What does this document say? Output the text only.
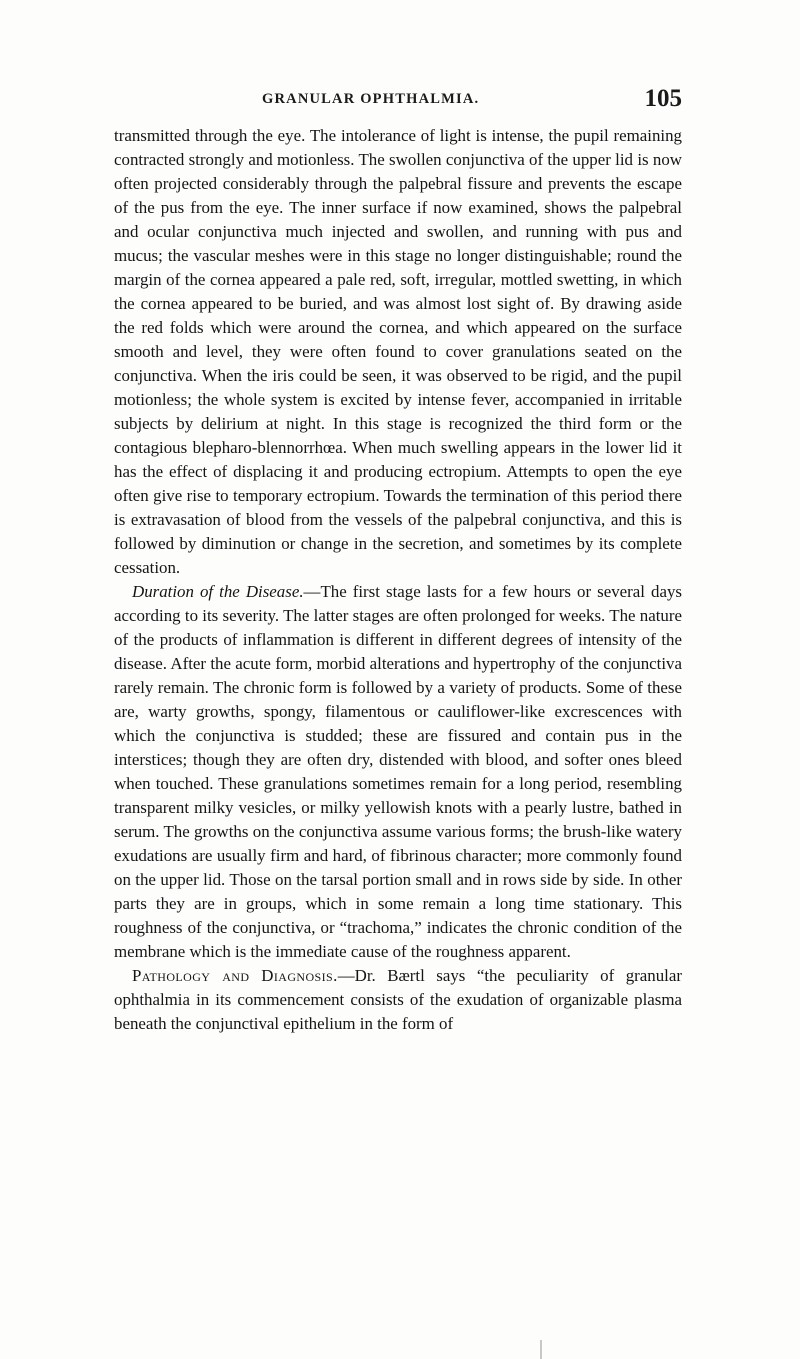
GRANULAR OPHTHALMIA.	105

transmitted through the eye. The intolerance of light is intense, the pupil remaining contracted strongly and motionless. The swollen conjunctiva of the upper lid is now often projected considerably through the palpebral fissure and prevents the escape of the pus from the eye. The inner surface if now examined, shows the palpebral and ocular conjunctiva much injected and swollen, and running with pus and mucus; the vascular meshes were in this stage no longer distinguishable; round the margin of the cornea appeared a pale red, soft, irregular, mottled swetting, in which the cornea appeared to be buried, and was almost lost sight of. By drawing aside the red folds which were around the cornea, and which appeared on the surface smooth and level, they were often found to cover granulations seated on the conjunctiva. When the iris could be seen, it was observed to be rigid, and the pupil motionless; the whole system is excited by intense fever, accompanied in irritable subjects by delirium at night. In this stage is recognized the third form or the contagious blepharo-blennorrhœa. When much swelling appears in the lower lid it has the effect of displacing it and producing ectropium. Attempts to open the eye often give rise to temporary ectropium. Towards the termination of this period there is extravasation of blood from the vessels of the palpebral conjunctiva, and this is followed by diminution or change in the secretion, and sometimes by its complete cessation.

Duration of the Disease.—The first stage lasts for a few hours or several days according to its severity. The latter stages are often prolonged for weeks. The nature of the products of inflammation is different in different degrees of intensity of the disease. After the acute form, morbid alterations and hypertrophy of the conjunctiva rarely remain. The chronic form is followed by a variety of products. Some of these are, warty growths, spongy, filamentous or cauliflower-like excrescences with which the conjunctiva is studded; these are fissured and contain pus in the interstices; though they are often dry, distended with blood, and softer ones bleed when touched. These granulations sometimes remain for a long period, resembling transparent milky vesicles, or milky yellowish knots with a pearly lustre, bathed in serum. The growths on the conjunctiva assume various forms; the brush-like watery exudations are usually firm and hard, of fibrinous character; more commonly found on the upper lid. Those on the tarsal portion small and in rows side by side. In other parts they are in groups, which in some remain a long time stationary. This roughness of the conjunctiva, or “trachoma,” indicates the chronic condition of the membrane which is the immediate cause of the roughness apparent.

Pathology and Diagnosis.—Dr. Bærtl says “the peculiarity of granular ophthalmia in its commencement consists of the exudation of organizable plasma beneath the conjunctival epithelium in the form of
